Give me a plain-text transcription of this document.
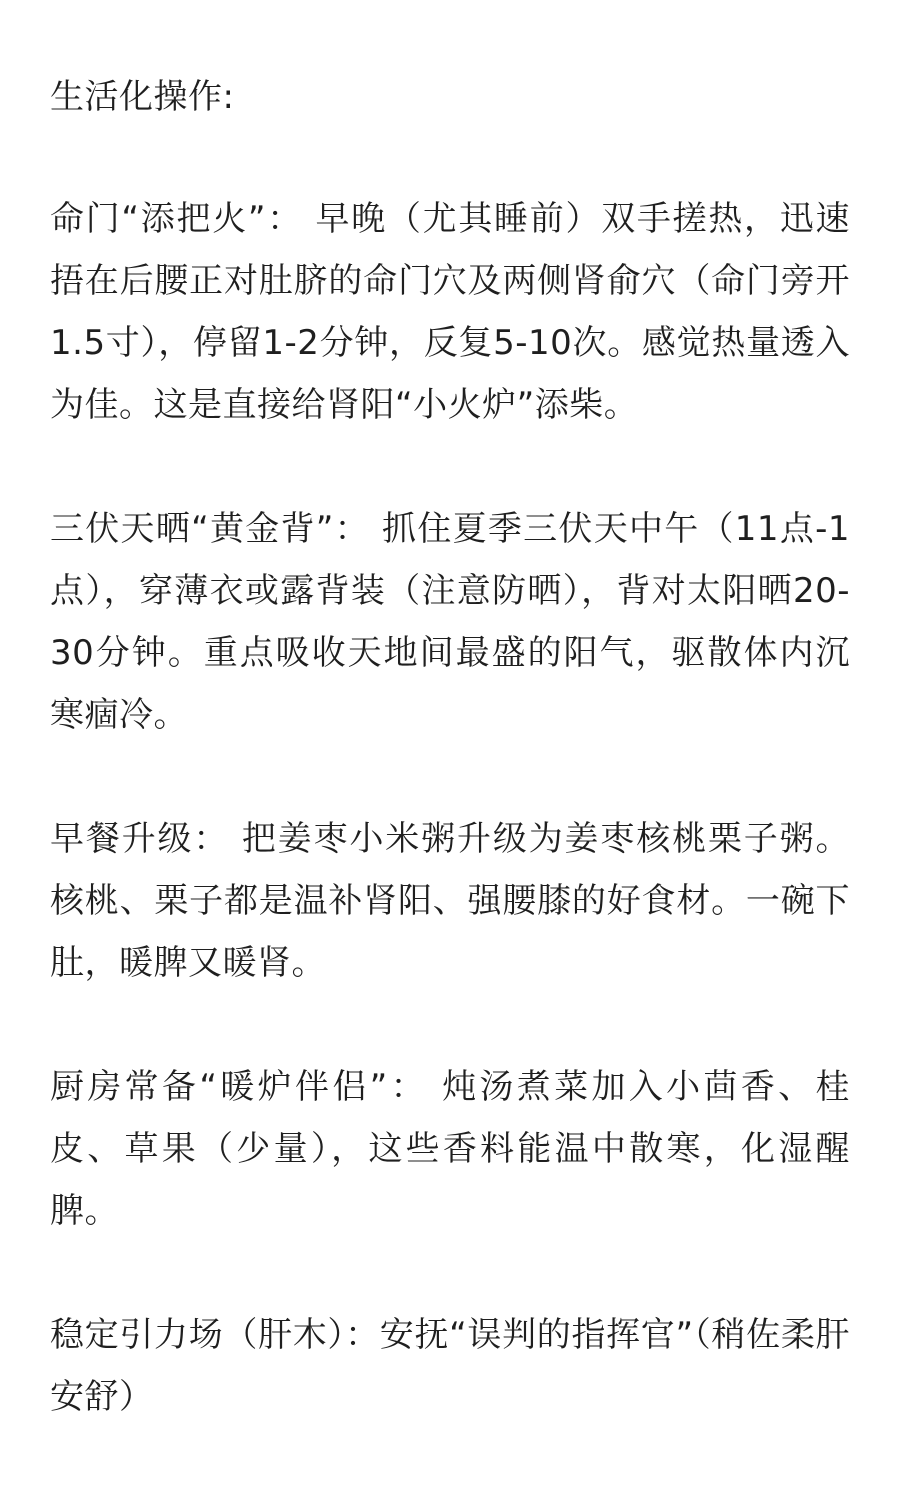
生活化操作:

命门“添把火”： 早晚（尤其睡前）双手搓热，迅速捂在后腰正对肚脐的命门穴及两侧肾俞穴（命门旁开1.5寸），停留1-2分钟，反复5-10次。感觉热量透入为佳。这是直接给肾阳“小火炉”添柴。

三伏天晒“黄金背”： 抓住夏季三伏天中午（11点-1点），穿薄衣或露背装（注意防晒），背对太阳晒20-30分钟。重点吸收天地间最盛的阳气，驱散体内沉寒痼冷。

早餐升级： 把姜枣小米粥升级为姜枣核桃栗子粥。核桃、栗子都是温补肾阳、强腰膝的好食材。一碗下肚，暖脾又暖肾。

厨房常备“暖炉伴侣”： 炖汤煮菜加入小茴香、桂皮、草果（少量），这些香料能温中散寒，化湿醒脾。

稳定引力场（肝木）：安抚“误判的指挥官”（稍佐柔肝安舒）
